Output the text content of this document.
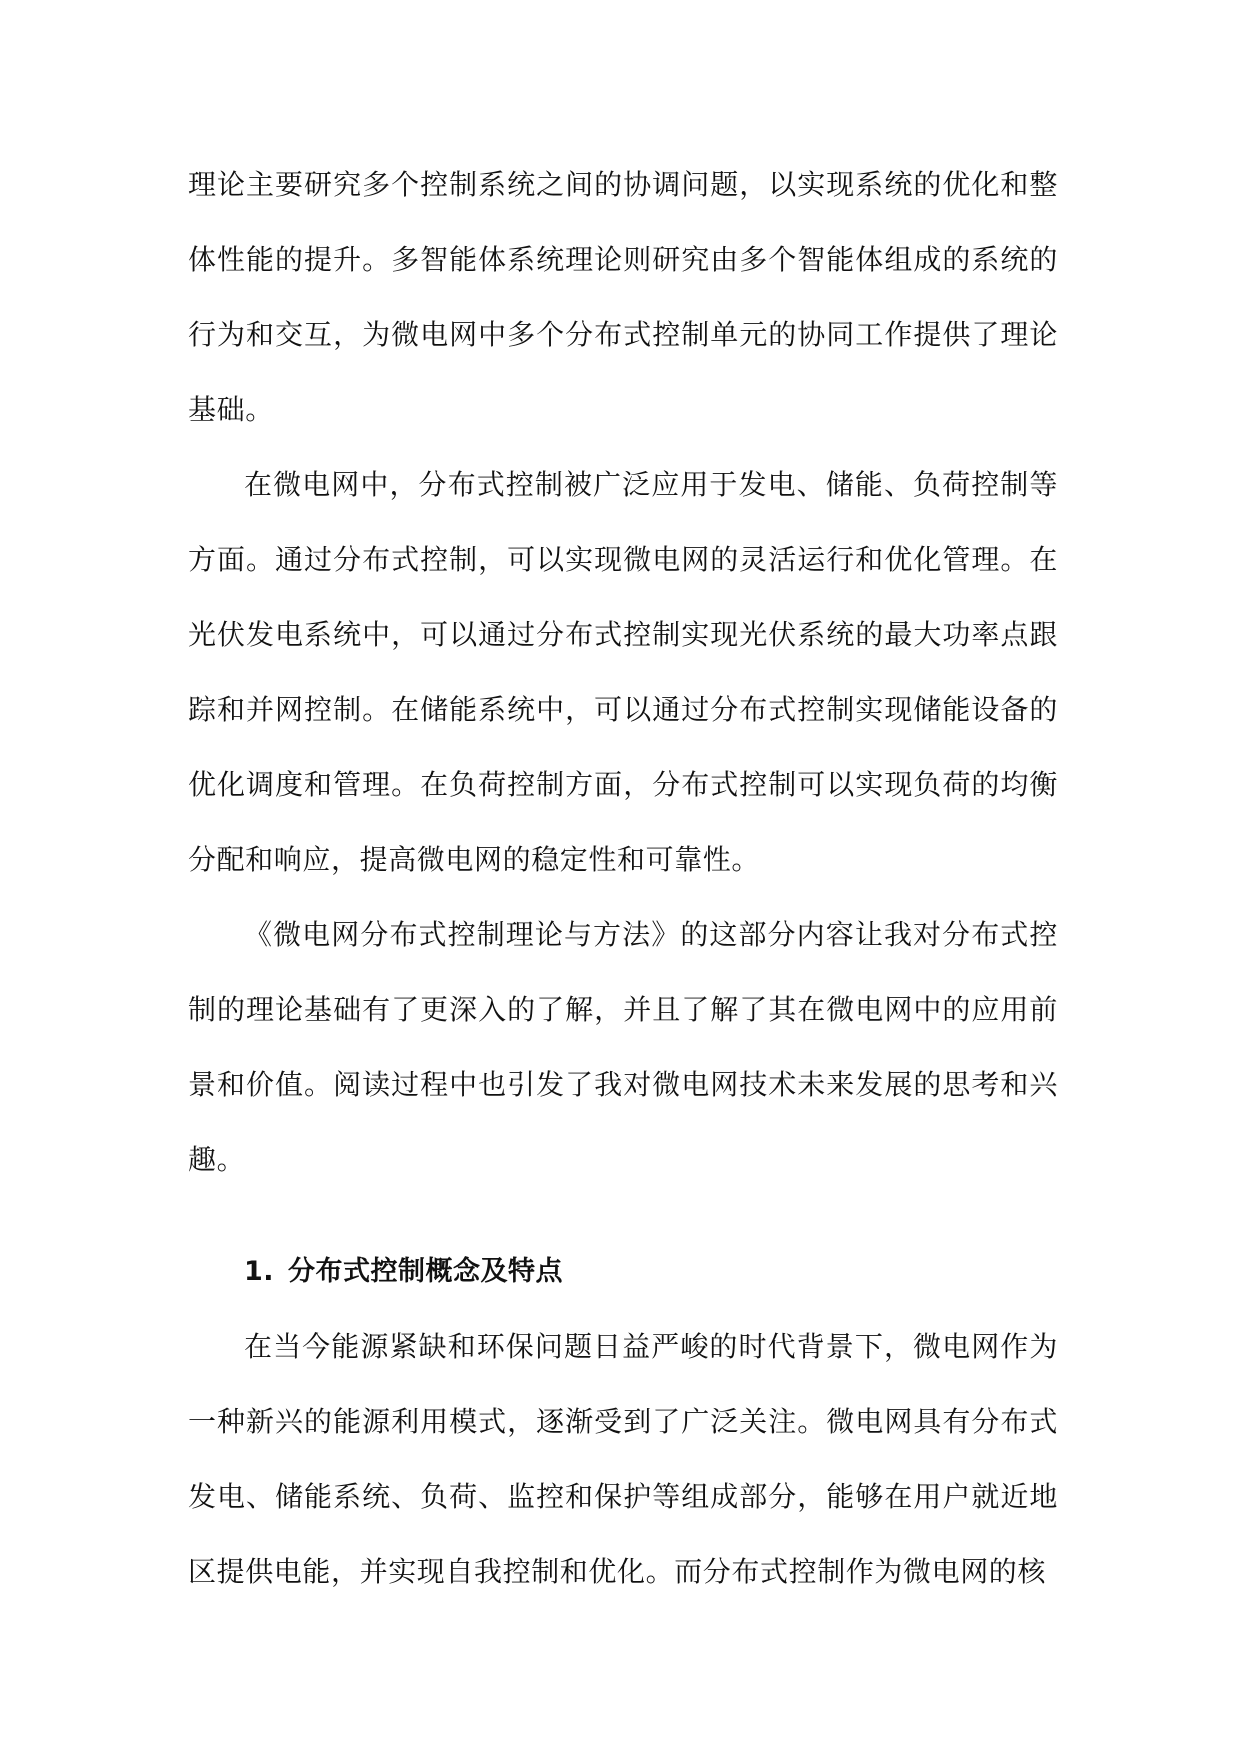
理论主要研究多个控制系统之间的协调问题，以实现系统的优化和整体性能的提升。多智能体系统理论则研究由多个智能体组成的系统的行为和交互，为微电网中多个分布式控制单元的协同工作提供了理论基础。

在微电网中，分布式控制被广泛应用于发电、储能、负荷控制等方面。通过分布式控制，可以实现微电网的灵活运行和优化管理。在光伏发电系统中，可以通过分布式控制实现光伏系统的最大功率点跟踪和并网控制。在储能系统中，可以通过分布式控制实现储能设备的优化调度和管理。在负荷控制方面，分布式控制可以实现负荷的均衡分配和响应，提高微电网的稳定性和可靠性。

《微电网分布式控制理论与方法》的这部分内容让我对分布式控制的理论基础有了更深入的了解，并且了解了其在微电网中的应用前景和价值。阅读过程中也引发了我对微电网技术未来发展的思考和兴趣。

1. 分布式控制概念及特点

在当今能源紧缺和环保问题日益严峻的时代背景下，微电网作为一种新兴的能源利用模式，逐渐受到了广泛关注。微电网具有分布式发电、储能系统、负荷、监控和保护等组成部分，能够在用户就近地区提供电能，并实现自我控制和优化。而分布式控制作为微电网的核
